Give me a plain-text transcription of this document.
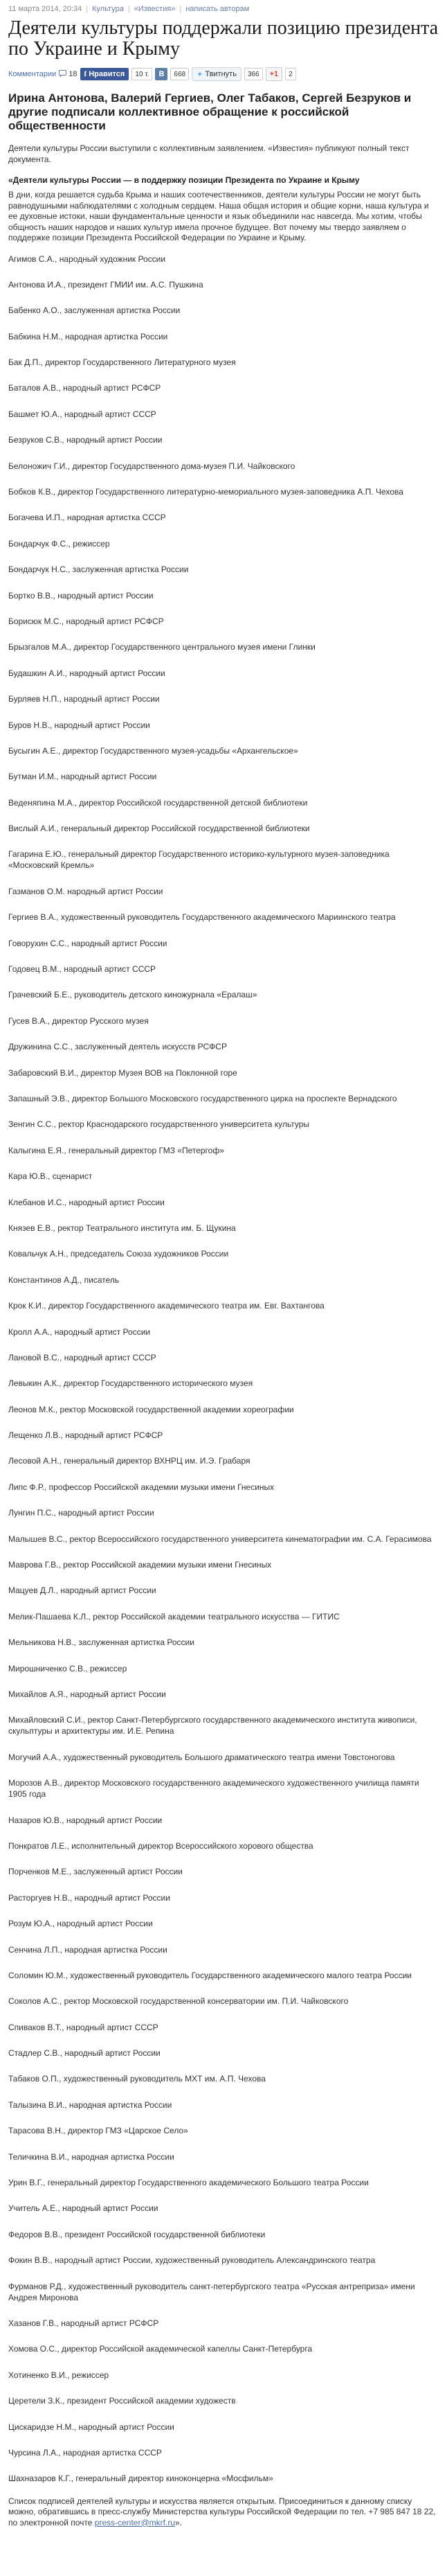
11 марта 2014, 20:34 | Культура | «Известия» | написать авторам
Деятели культуры поддержали позицию президента по Украине и Крыму
Комментарии 18 f Нравится	10 т.	В	668	✦ Твитнуть	366	+1	2
Ирина Антонова, Валерий Гергиев, Олег Табаков, Сергей Безруков и другие подписали коллективное обращение к российской общественности

Деятели культуры России выступили с коллективным заявлением. «Известия» публикуют полный текст документа.

«Деятели культуры России — в поддержку позиции Президента по Украине и Крыму

В дни, когда решается судьба Крыма и наших соотечественников, деятели культуры России не могут быть равнодушными наблюдателями с холодным сердцем. Наша общая история и общие корни, наша культура и ее духовные истоки, наши фундаментальные ценности и язык объединили нас навсегда. Мы хотим, чтобы общность наших народов и наших культур имела прочное будущее. Вот почему мы твердо заявляем о поддержке позиции Президента Российской Федерации по Украине и Крыму.

Агимов С.А., народный художник России

Антонова И.А., президент ГМИИ им. А.С. Пушкина

Бабенко А.О., заслуженная артистка России

Бабкина Н.М., народная артистка России

Бак Д.П., директор Государственного Литературного музея

Баталов А.В., народный артист РСФСР

Башмет Ю.А., народный артист СССР

Безруков С.В., народный артист России

Белоножич Г.И., директор Государственного дома-музея П.И. Чайковского

Бобков К.В., директор Государственного литературно-мемориального музея-заповедника А.П. Чехова

Богачева И.П., народная артистка СССР

Бондарчук Ф.С., режиссер

Бондарчук Н.С., заслуженная артистка России

Бортко В.В., народный артист России

Борисюк М.С., народный артист РСФСР

Брызгалов М.А., директор Государственного центрального музея имени Глинки

Будашкин А.И., народный артист России

Бурляев Н.П., народный артист России

Буров Н.В., народный артист России

Бусыгин А.Е., директор Государственного музея-усадьбы «Архангельское»

Бутман И.М., народный артист России

Веденяпина М.А., директор Российской государственной детской библиотеки

Вислый А.И., генеральный директор Российской государственной библиотеки

Гагарина Е.Ю., генеральный директор Государственного историко-культурного музея-заповедника «Московский Кремль»

Газманов О.М. народный артист России

Гергиев В.А., художественный руководитель Государственного академического Мариинского театра

Говорухин С.С., народный артист России

Годовец В.М., народный артист СССР

Грачевский Б.Е., руководитель детского киножурнала «Ералаш»

Гусев В.А., директор Русского музея

Дружинина С.С., заслуженный деятель искусств РСФСР

Забаровский В.И., директор Музея ВОВ на Поклонной горе

Запашный Э.В., директор Большого Московского государственного цирка на проспекте Вернадского

Зенгин С.С., ректор Краснодарского государственного университета культуры

Калыгина Е.Я., генеральный директор ГМЗ «Петергоф»

Кара Ю.В., сценарист

Клебанов И.С., народный артист России

Князев Е.В., ректор Театрального института им. Б. Щукина

Ковальчук А.Н., председатель Союза художников России

Константинов А.Д., писатель

Крок К.И., директор Государственного академического театра им. Евг. Вахтангова

Кролл А.А., народный артист России

Лановой В.С., народный артист СССР

Левыкин А.К., директор Государственного исторического музея

Леонов М.К., ректор Московской государственной академии хореографии

Лещенко Л.В., народный артист РСФСР

Лесовой А.Н., генеральный директор ВХНРЦ им. И.Э. Грабаря

Липс Ф.Р., профессор Российской академии музыки имени Гнесиных

Лунгин П.С., народный артист России

Малышев В.С., ректор Всероссийского государственного университета кинематографии им. С.А. Герасимова

Маврова Г.В., ректор Российской академии музыки имени Гнесиных

Мацуев Д.Л., народный артист России

Мелик-Пашаева К.Л., ректор Российской академии театрального искусства — ГИТИС

Мельникова Н.В., заслуженная артистка России

Мирошниченко С.В., режиссер

Михайлов А.Я., народный артист России

Михайловский С.И., ректор Санкт-Петербургского государственного академического института живописи, скульптуры и архитектуры им. И.Е. Репина

Могучий А.А., художественный руководитель Большого драматического театра имени Товстоногова

Морозов А.В., директор Московского государственного академического художественного училища памяти 1905 года

Назаров Ю.В., народный артист России

Понкратов Л.Е., исполнительный директор Всероссийского хорового общества

Порченков М.Е., заслуженный артист России

Расторгуев Н.В., народный артист России

Розум Ю.А., народный артист России

Сенчина Л.П., народная артистка России

Соломин Ю.М., художественный руководитель Государственного академического малого театра России

Соколов А.С., ректор Московской государственной консерватории им. П.И. Чайковского

Спиваков В.Т., народный артист СССР

Стадлер С.В., народный артист России

Табаков О.П., художественный руководитель МХТ им. А.П. Чехова

Талызина В.И., народная артистка России

Тарасова В.Н., директор ГМЗ «Царское Село»

Теличкина В.И., народная артистка России

Урин В.Г., генеральный директор Государственного академического Большого театра России

Учитель А.Е., народный артист России

Федоров В.В., президент Российской государственной библиотеки

Фокин В.В., народный артист России, художественный руководитель Александринского театра

Фурманов Р.Д., художественный руководитель санкт-петербургского театра «Русская антреприза» имени Андрея Миронова

Хазанов Г.В., народный артист РСФСР

Хомова О.С., директор Российской академической капеллы Санкт-Петербурга

Хотиненко В.И., режиссер

Церетели З.К., президент Российской академии художеств

Цискаридзе Н.М., народный артист России

Чурсина Л.А., народная артистка СССР

Шахназаров К.Г., генеральный директор киноконцерна «Мосфильм»

Список подписей деятелей культуры и искусства является открытым. Присоединиться к данному списку можно, обратившись в пресс-службу Министерства культуры Российской Федерации по тел. +7 985 847 18 22, по электронной почте press-center@mkrf.ru».
